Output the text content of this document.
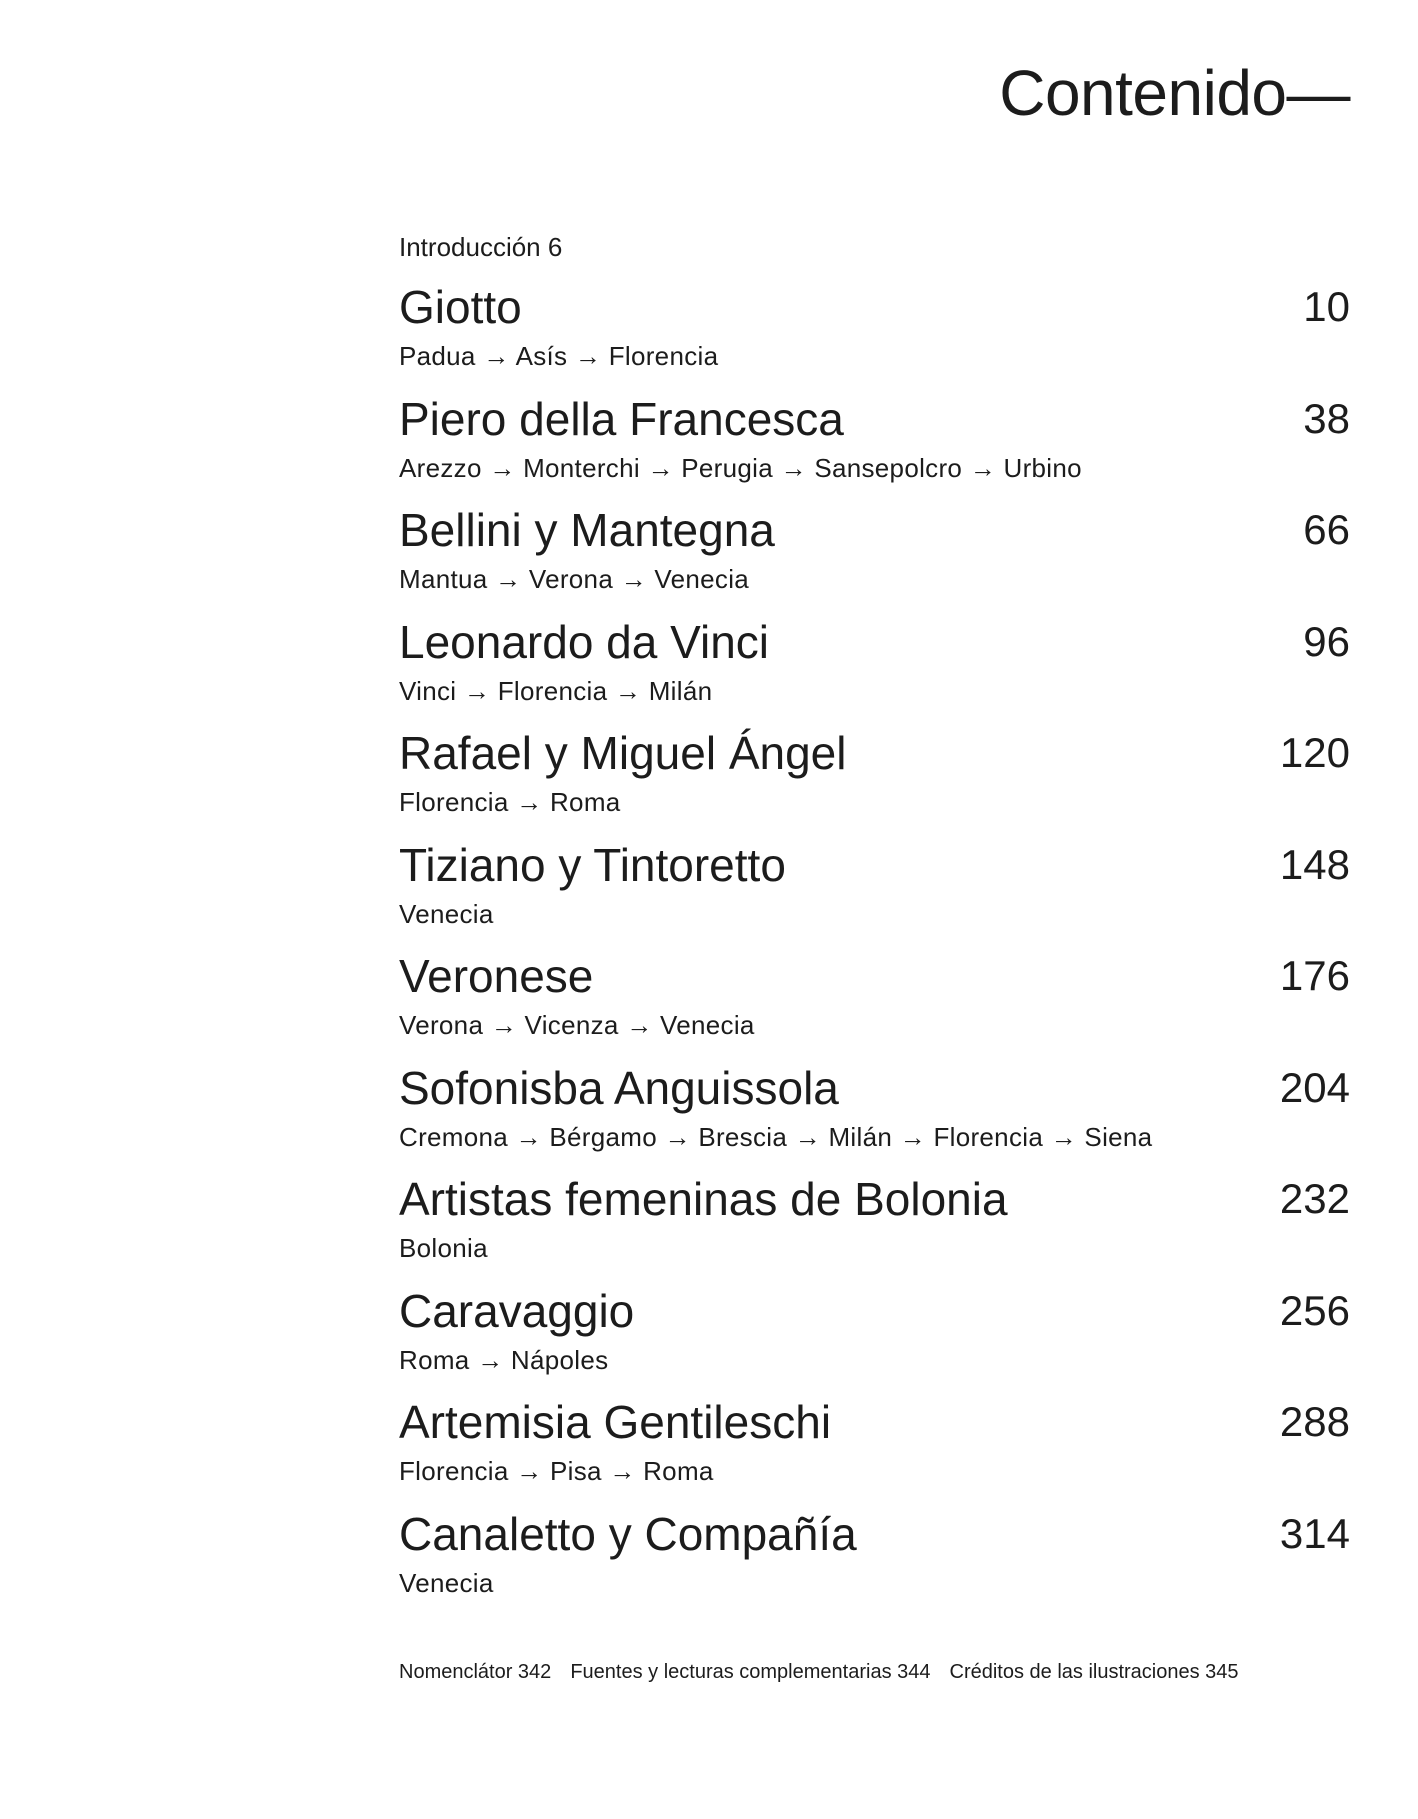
Contenido—
Introducción 6
Giotto	10
Padua → Asís → Florencia
Piero della Francesca	38
Arezzo → Monterchi → Perugia → Sansepolcro → Urbino
Bellini y Mantegna	66
Mantua → Verona → Venecia
Leonardo da Vinci	96
Vinci → Florencia → Milán
Rafael y Miguel Ángel	120
Florencia → Roma
Tiziano y Tintoretto	148
Venecia
Veronese	176
Verona → Vicenza → Venecia
Sofonisba Anguissola	204
Cremona → Bérgamo → Brescia → Milán → Florencia → Siena
Artistas femeninas de Bolonia	232
Bolonia
Caravaggio	256
Roma → Nápoles
Artemisia Gentileschi	288
Florencia → Pisa → Roma
Canaletto y Compañía	314
Venecia
Nomenclátor 342 Fuentes y lecturas complementarias 344 Créditos de las ilustraciones 345
